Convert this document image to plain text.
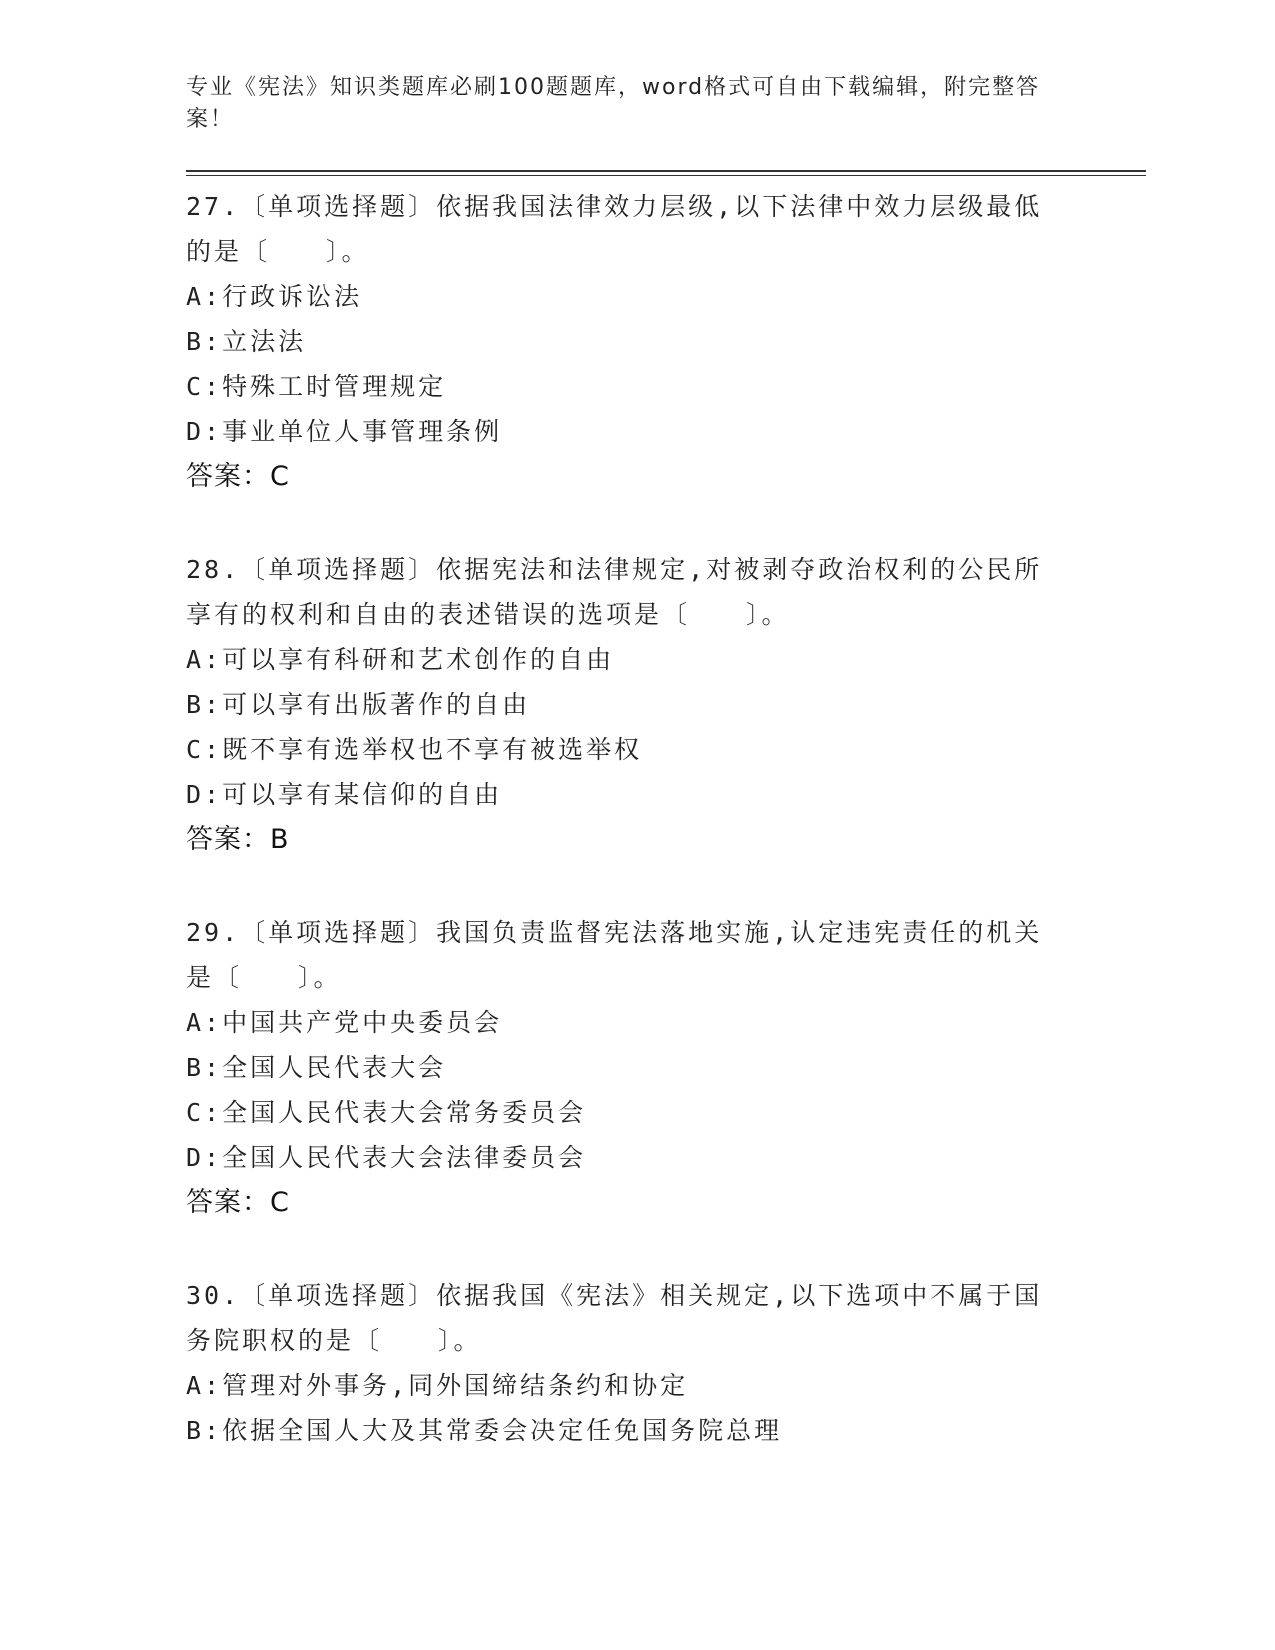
专业《宪法》知识类题库必刷100题题库，word格式可自由下载编辑，附完整答案！
27.〔单项选择题〕依据我国法律效力层级,以下法律中效力层级最低的是〔　　〕。
A:行政诉讼法
B:立法法
C:特殊工时管理规定
D:事业单位人事管理条例
答案：C
28.〔单项选择题〕依据宪法和法律规定,对被剥夺政治权利的公民所享有的权利和自由的表述错误的选项是〔　　〕。
A:可以享有科研和艺术创作的自由
B:可以享有出版著作的自由
C:既不享有选举权也不享有被选举权
D:可以享有某信仰的自由
答案：B
29.〔单项选择题〕我国负责监督宪法落地实施,认定违宪责任的机关是〔　　〕。
A:中国共产党中央委员会
B:全国人民代表大会
C:全国人民代表大会常务委员会
D:全国人民代表大会法律委员会
答案：C
30.〔单项选择题〕依据我国《宪法》相关规定,以下选项中不属于国务院职权的是〔　　〕。
A:管理对外事务,同外国缔结条约和协定
B:依据全国人大及其常委会决定任免国务院总理
